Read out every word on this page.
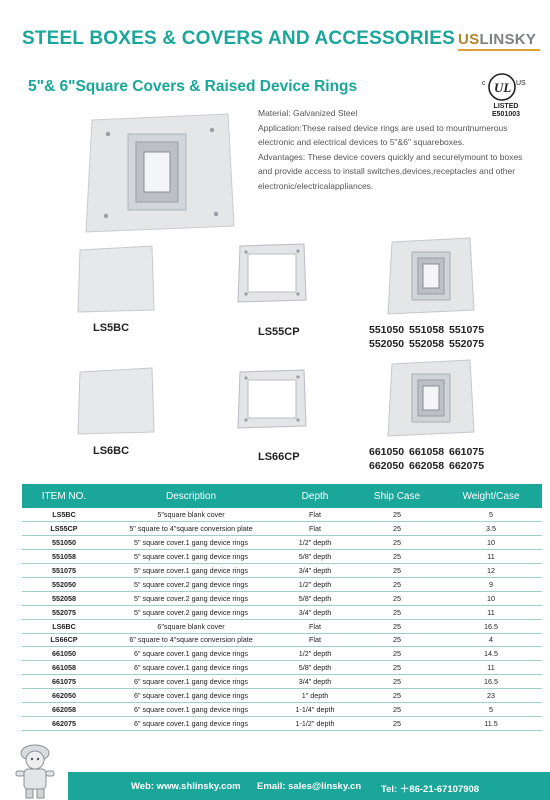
STEEL BOXES & COVERS AND ACCESSORIES USLINSKY
5"& 6"Square Covers & Raised Device Rings	c UL US
LISTED
E501003

Material: Galvanized Steel

Application:These raised device rings are used to mountnumerous electronic and electrical devices to 5"&6" squareboxes.

Advantages: These device covers quickly and securelymount to boxes and provide access to install switches,devices,receptacles and other electronic/electricalappliances.

LS5BC	LS55CP	551050 551058 551075
552050 552058 552075
LS6BC	LS66CP	661050 661058 661075
662050 662058 662075
ITEM NO.	Description	Depth	Ship Case	Weight/Case
LS5BC	5"square blank cover	Flat	25	5
LS55CP	5" square to 4"square conversion plate	Flat	25	3.5
551050	5" square cover.1 gang device rings	1/2" depth	25	10
551058	5" square cover.1 gang device rings	5/8" depth	25	11
551075	5" square cover.1 gang device rings	3/4" depth	25	12
552050	5" square cover.2 gang device rings	1/2" depth	25	9
552058	5" square cover.2 gang device rings	5/8" depth	25	10
552075	5" square cover.2 gang device rings	3/4" depth	25	11
LS6BC	6"square blank cover	Flat	25	16.5
LS66CP	6" square to 4"square conversion plate	Flat	25	4
661050	6" square cover.1 gang device rings	1/2" depth	25	14.5
661058	6" square cover.1 gang device rings	5/8" depth	25	11
661075	6" square cover.1 gang device rings	3/4" depth	25	16.5
662050	6" square cover.1 gang device rings	1" depth	25	23
662058	6" square cover.1 gang device rings	1-1/4" depth	25	5
662075	6" square cover.1 gang device rings	1-1/2" depth	25	11.5
Web: www.shlinsky.com Email: sales@linsky.cn Tel: ＋86-21-67107908
